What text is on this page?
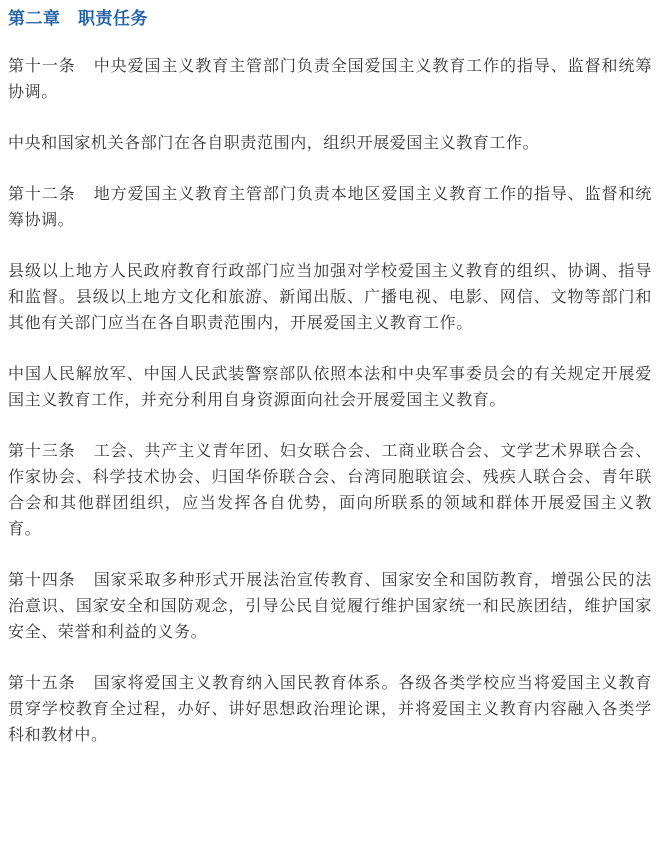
第二章　职责任务

第十一条 中央爱国主义教育主管部门负责全国爱国主义教育工作的指导、监督和统筹协调。

中央和国家机关各部门在各自职责范围内，组织开展爱国主义教育工作。

第十二条 地方爱国主义教育主管部门负责本地区爱国主义教育工作的指导、监督和统筹协调。

县级以上地方人民政府教育行政部门应当加强对学校爱国主义教育的组织、协调、指导和监督。县级以上地方文化和旅游、新闻出版、广播电视、电影、网信、文物等部门和其他有关部门应当在各自职责范围内，开展爱国主义教育工作。

中国人民解放军、中国人民武装警察部队依照本法和中央军事委员会的有关规定开展爱国主义教育工作，并充分利用自身资源面向社会开展爱国主义教育。

第十三条 工会、共产主义青年团、妇女联合会、工商业联合会、文学艺术界联合会、作家协会、科学技术协会、归国华侨联合会、台湾同胞联谊会、残疾人联合会、青年联合会和其他群团组织，应当发挥各自优势，面向所联系的领域和群体开展爱国主义教育。

第十四条 国家采取多种形式开展法治宣传教育、国家安全和国防教育，增强公民的法治意识、国家安全和国防观念，引导公民自觉履行维护国家统一和民族团结，维护国家安全、荣誉和利益的义务。

第十五条 国家将爱国主义教育纳入国民教育体系。各级各类学校应当将爱国主义教育贯穿学校教育全过程，办好、讲好思想政治理论课，并将爱国主义教育内容融入各类学科和教材中。
